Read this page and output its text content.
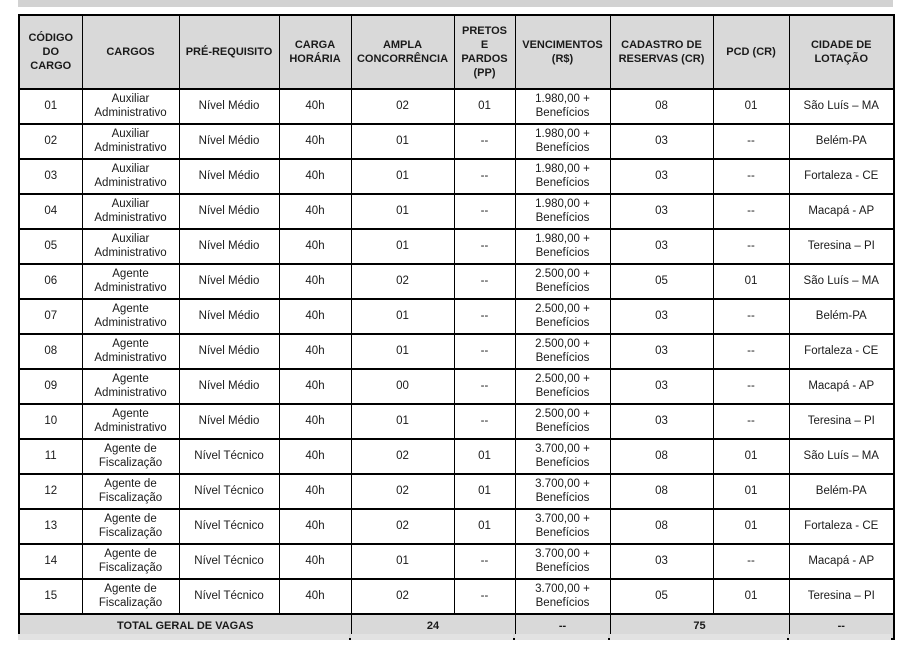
CÓDIGO
DO
CARGO	CARGOS	PRÉ-REQUISITO	CARGA
HORÁRIA	AMPLA
CONCORRÊNCIA	PRETOS
E
PARDOS
(PP)	VENCIMENTOS
(R$)	CADASTRO DE
RESERVAS (CR)	PCD (CR)	CIDADE DE
LOTAÇÃO
01	Auxiliar
Administrativo	Nível Médio	40h	02	01	1.980,00 +
Benefícios	08	01	São Luís – MA
02	Auxiliar
Administrativo	Nível Médio	40h	01	--	1.980,00 +
Benefícios	03	--	Belém-PA
03	Auxiliar
Administrativo	Nível Médio	40h	01	--	1.980,00 +
Benefícios	03	--	Fortaleza - CE
04	Auxiliar
Administrativo	Nível Médio	40h	01	--	1.980,00 +
Benefícios	03	--	Macapá - AP
05	Auxiliar
Administrativo	Nível Médio	40h	01	--	1.980,00 +
Benefícios	03	--	Teresina – PI
06	Agente
Administrativo	Nível Médio	40h	02	--	2.500,00 +
Benefícios	05	01	São Luís – MA
07	Agente
Administrativo	Nível Médio	40h	01	--	2.500,00 +
Benefícios	03	--	Belém-PA
08	Agente
Administrativo	Nível Médio	40h	01	--	2.500,00 +
Benefícios	03	--	Fortaleza - CE
09	Agente
Administrativo	Nível Médio	40h	00	--	2.500,00 +
Benefícios	03	--	Macapá - AP
10	Agente
Administrativo	Nível Médio	40h	01	--	2.500,00 +
Benefícios	03	--	Teresina – PI
11	Agente de
Fiscalização	Nível Técnico	40h	02	01	3.700,00 +
Benefícios	08	01	São Luís – MA
12	Agente de
Fiscalização	Nível Técnico	40h	02	01	3.700,00 +
Benefícios	08	01	Belém-PA
13	Agente de
Fiscalização	Nível Técnico	40h	02	01	3.700,00 +
Benefícios	08	01	Fortaleza - CE
14	Agente de
Fiscalização	Nível Técnico	40h	01	--	3.700,00 +
Benefícios	03	--	Macapá - AP
15	Agente de
Fiscalização	Nível Técnico	40h	02	--	3.700,00 +
Benefícios	05	01	Teresina – PI
TOTAL GERAL DE VAGAS				24		--	75		--
